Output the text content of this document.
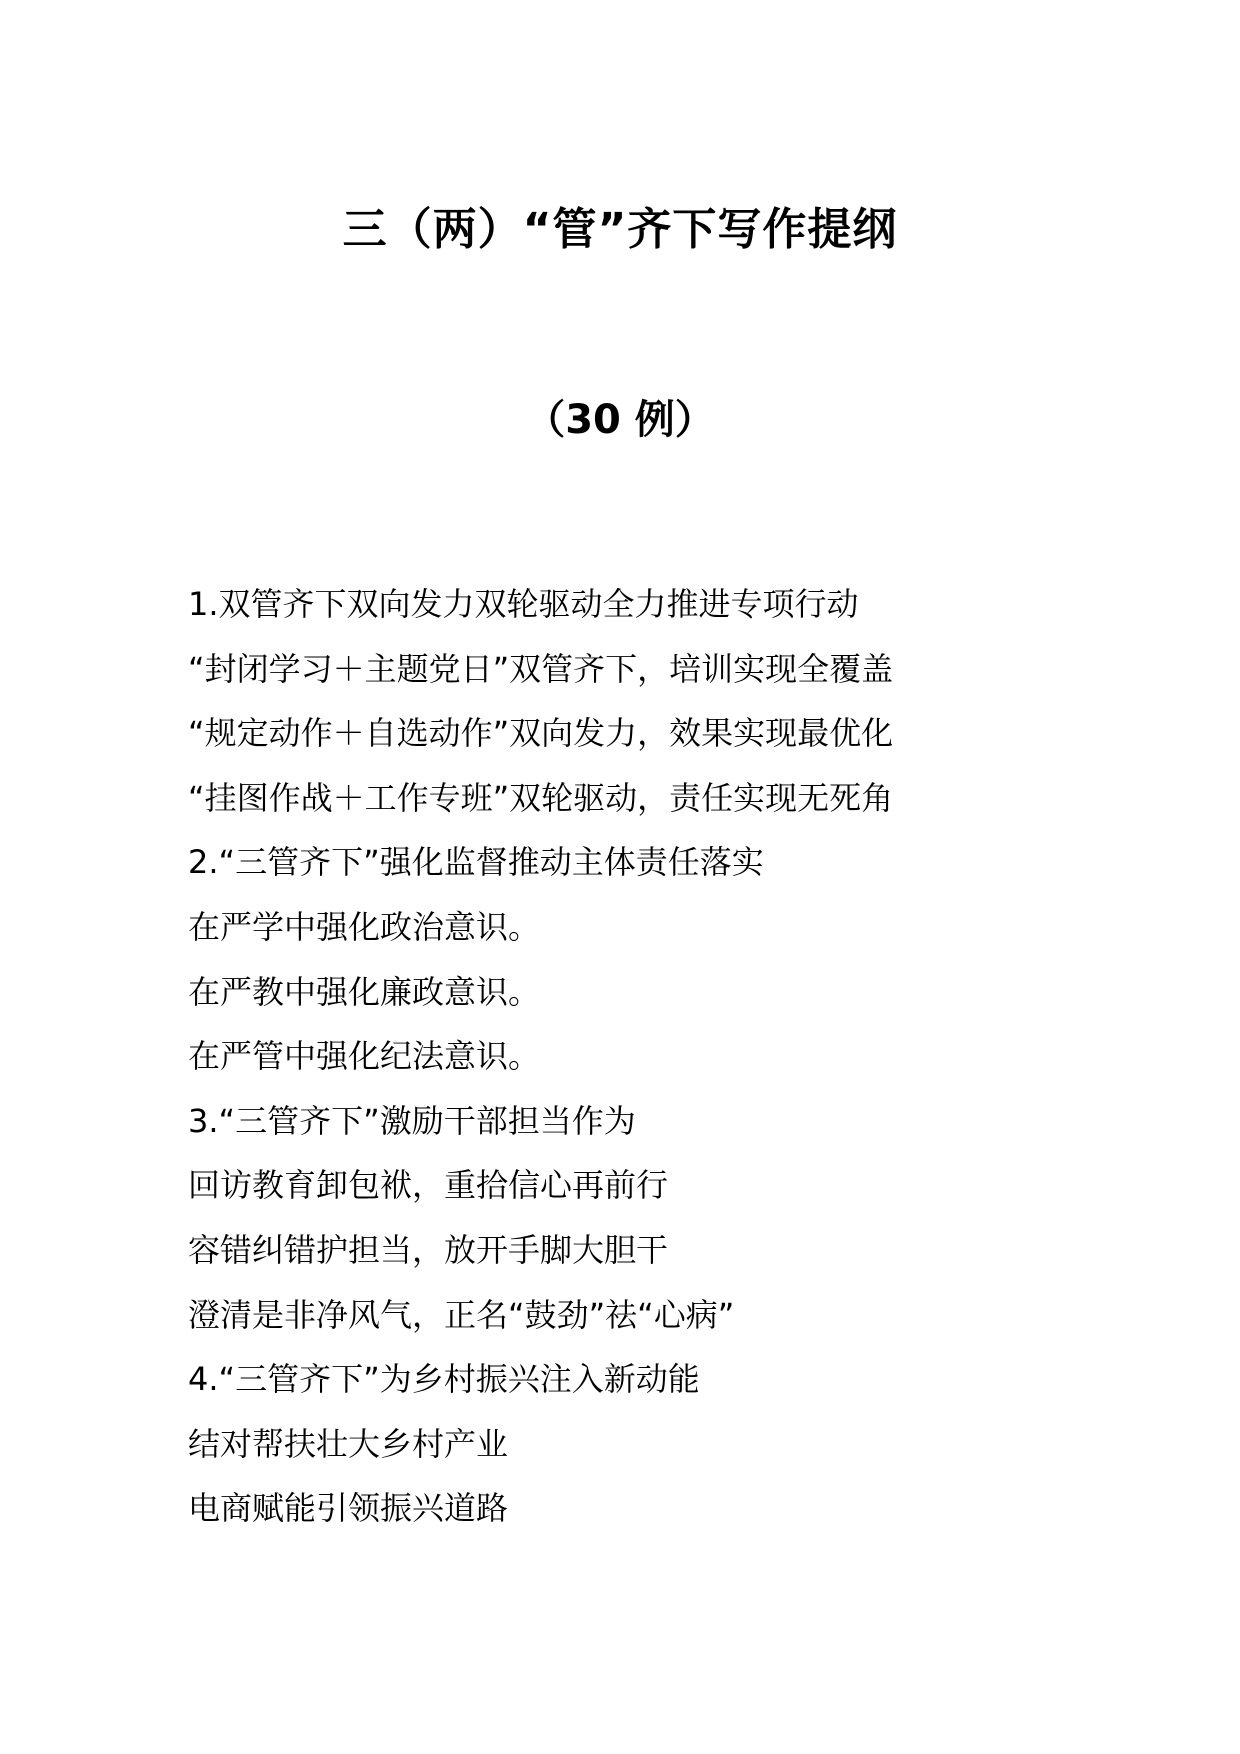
三（两）“管”齐下写作提纲
（30 例）
1.双管齐下双向发力双轮驱动全力推进专项行动
“封闭学习＋主题党日”双管齐下，培训实现全覆盖
“规定动作＋自选动作”双向发力，效果实现最优化
“挂图作战＋工作专班”双轮驱动，责任实现无死角
2.“三管齐下”强化监督推动主体责任落实
在严学中强化政治意识。
在严教中强化廉政意识。
在严管中强化纪法意识。
3.“三管齐下”激励干部担当作为
回访教育卸包袱，重拾信心再前行
容错纠错护担当，放开手脚大胆干
澄清是非净风气，正名“鼓劲”祛“心病”
4.“三管齐下”为乡村振兴注入新动能
结对帮扶壮大乡村产业
电商赋能引领振兴道路
